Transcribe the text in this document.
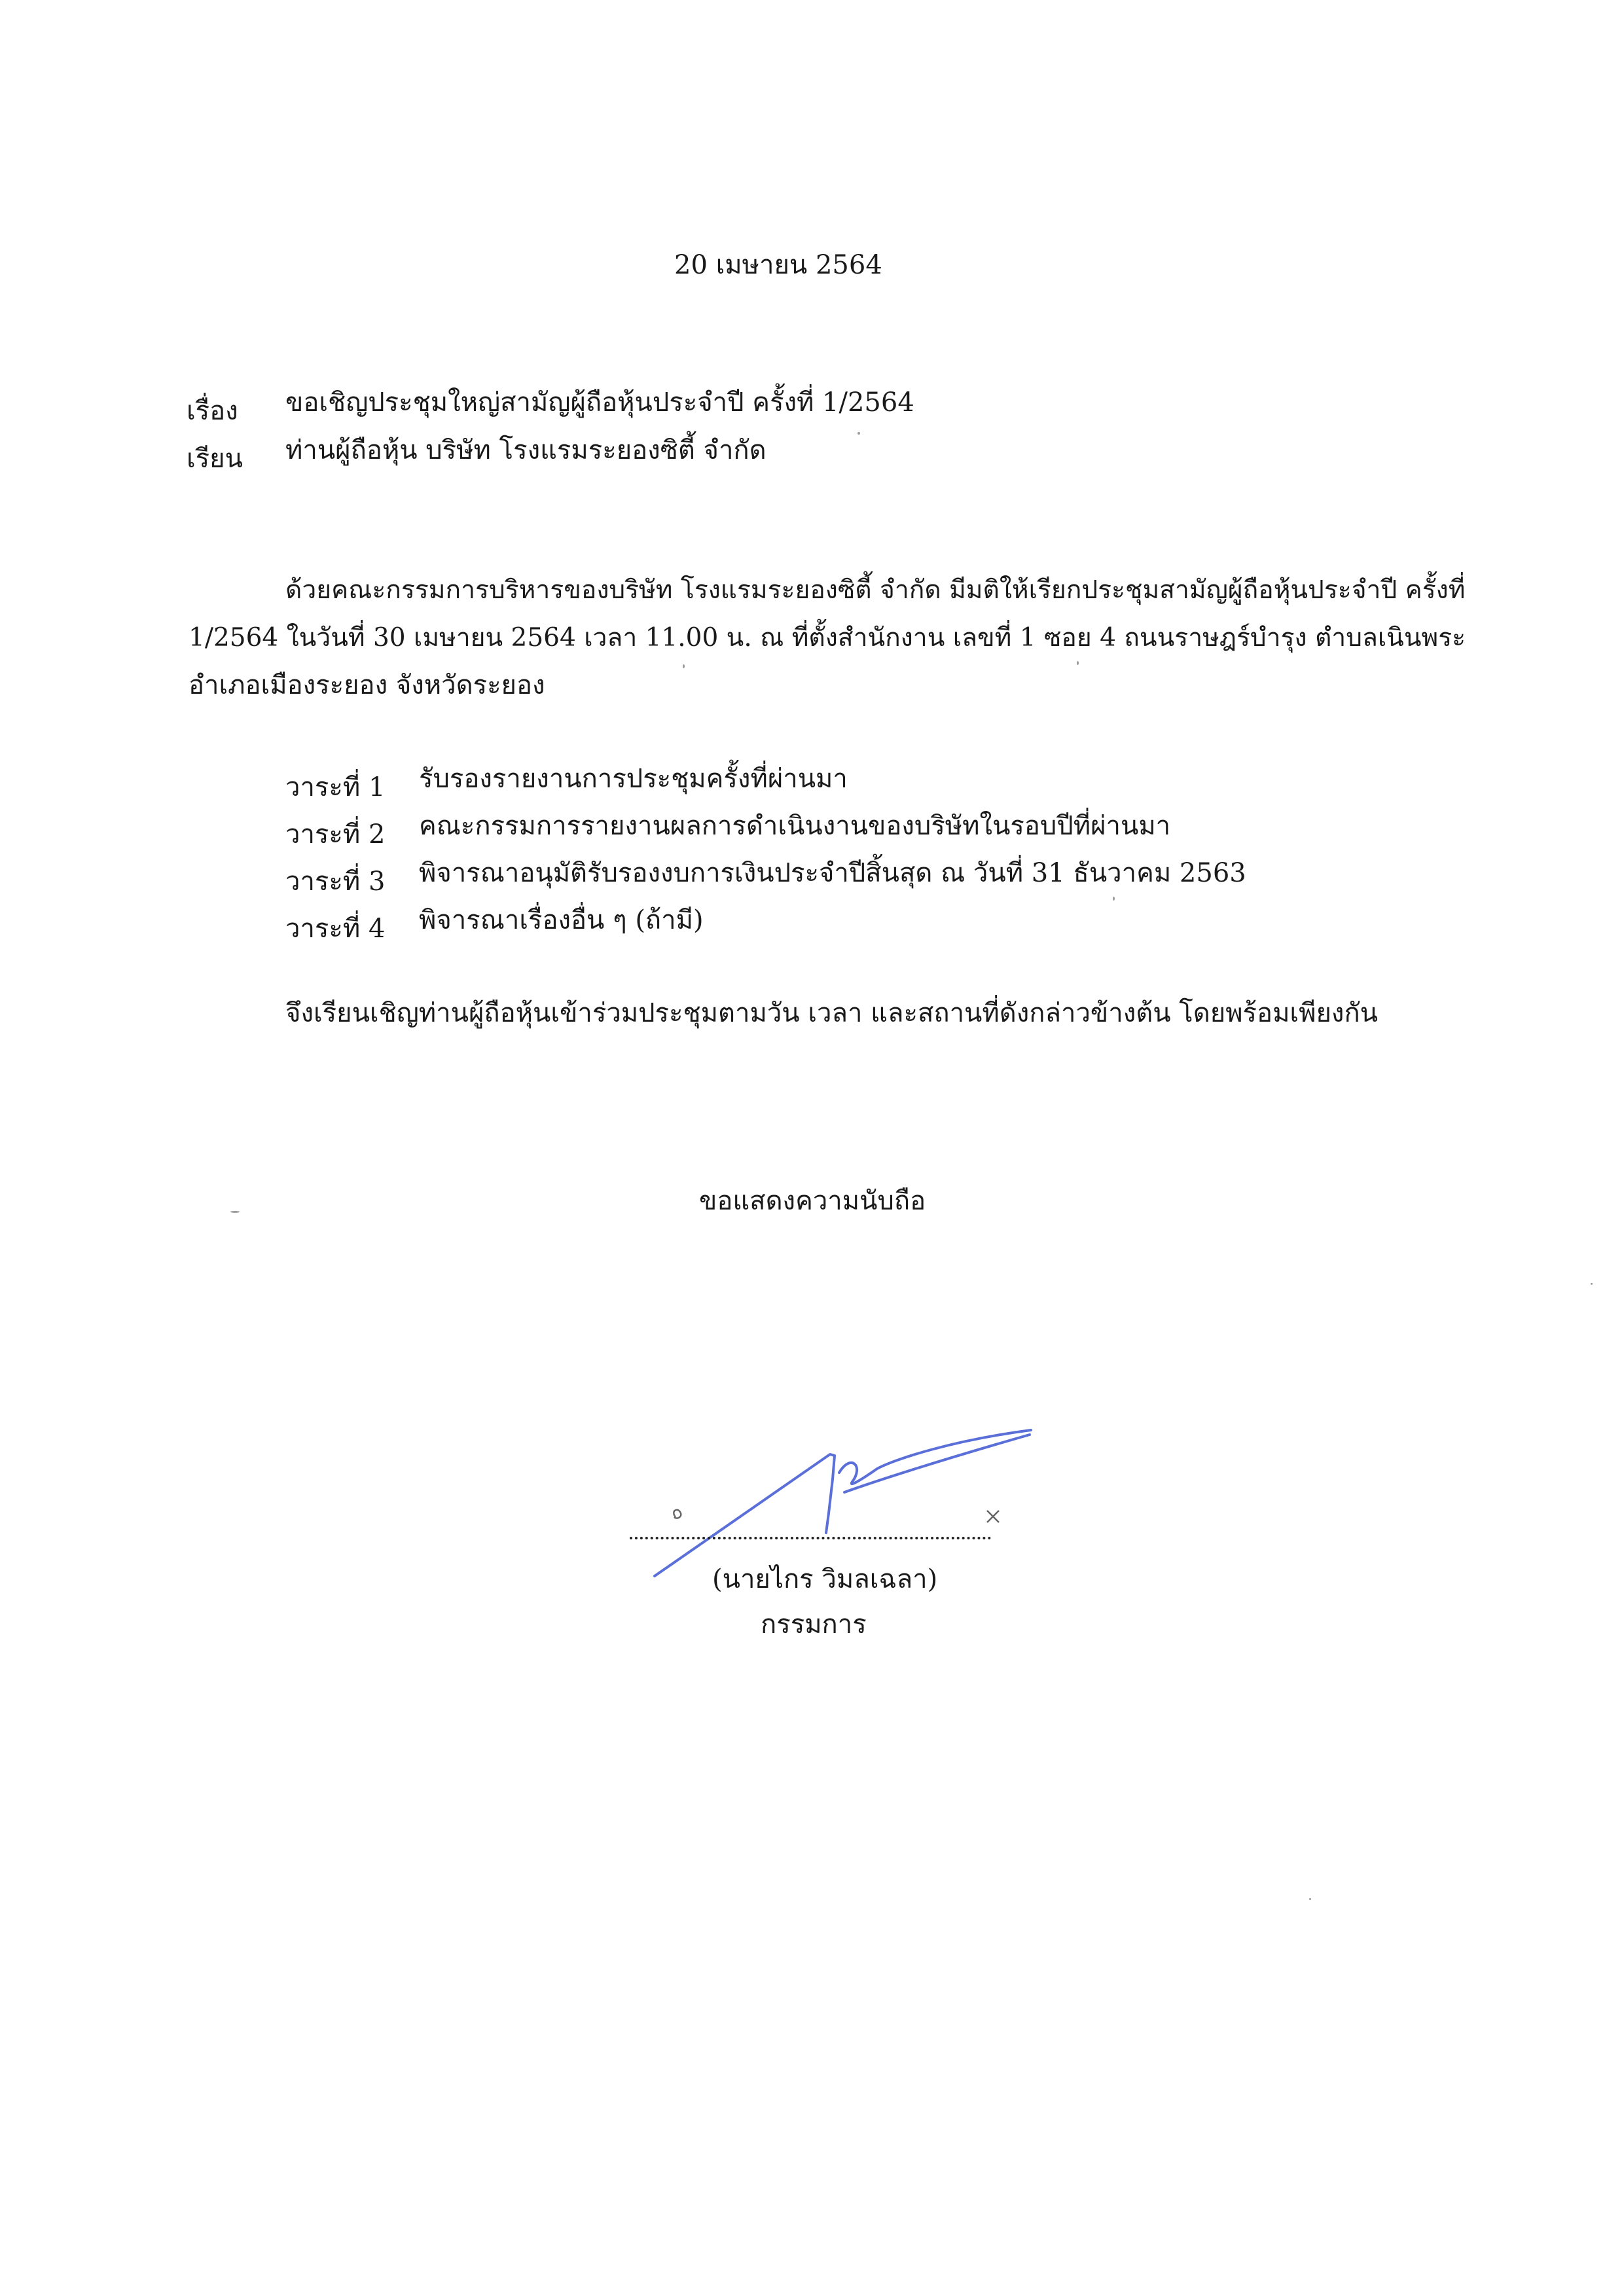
20 เมษายน 2564
เรื่อง ขอเชิญประชุมใหญ่สามัญผู้ถือหุ้นประจำปี ครั้งที่ 1/2564
เรียน ท่านผู้ถือหุ้น บริษัท โรงแรมระยองซิตี้ จำกัด
ด้วยคณะกรรมการบริหารของบริษัท โรงแรมระยองซิตี้ จำกัด มีมติให้เรียกประชุมสามัญผู้ถือหุ้นประจำปี ครั้งที่
1/2564 ในวันที่ 30 เมษายน 2564 เวลา 11.00 น. ณ ที่ตั้งสำนักงาน เลขที่ 1 ซอย 4 ถนนราษฎร์บำรุง ตำบลเนินพระ
อำเภอเมืองระยอง จังหวัดระยอง
วาระที่ 1 รับรองรายงานการประชุมครั้งที่ผ่านมา
วาระที่ 2 คณะกรรมการรายงานผลการดำเนินงานของบริษัทในรอบปีที่ผ่านมา
วาระที่ 3 พิจารณาอนุมัติรับรองงบการเงินประจำปีสิ้นสุด ณ วันที่ 31 ธันวาคม 2563
วาระที่ 4 พิจารณาเรื่องอื่น ๆ (ถ้ามี)
จึงเรียนเชิญท่านผู้ถือหุ้นเข้าร่วมประชุมตามวัน เวลา และสถานที่ดังกล่าวข้างต้น โดยพร้อมเพียงกัน
ขอแสดงความนับถือ
(นายไกร วิมลเฉลา)
กรรมการ
